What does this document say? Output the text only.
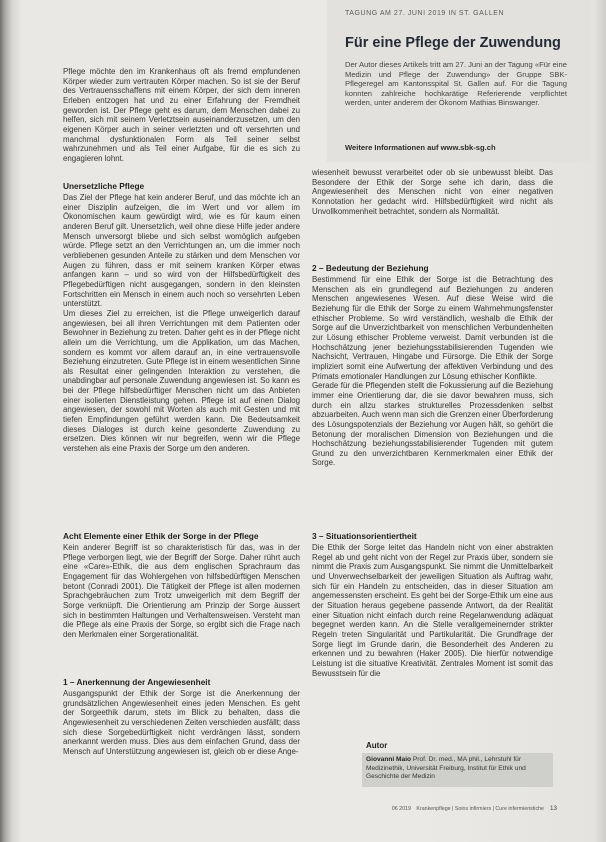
TAGUNG AM 27. JUNI 2019 IN ST. GALLEN
Für eine Pflege der Zuwendung

Der Autor dieses Artikels tritt am 27. Juni an der Tagung «Für eine Medizin und Pflege der Zuwendung» der Gruppe SBK-Pflegeregel am Kantonsspital St. Gallen auf. Für die Tagung konnten zahlreiche hochkarätige Referierende verpflichtet werden, unter anderem der Ökonom Mathias Binswanger.

Weitere Informationen auf www.sbk-sg.ch

Pflege möchte den im Krankenhaus oft als fremd empfundenen Körper wieder zum vertrauten Körper machen. So ist sie der Beruf des Vertrauensschaffens mit einem Körper, der sich dem inneren Erleben entzogen hat und zu einer Erfahrung der Fremdheit geworden ist. Der Pflege geht es darum, dem Menschen dabei zu helfen, sich mit seinem Verletztsein auseinanderzusetzen, um den eigenen Körper auch in seiner verletzten und oft versehrten und manchmal dysfunktionalen Form als Teil seiner selbst wahrzunehmen und als Teil einer Aufgabe, für die es sich zu engagieren lohnt.

Unersetzliche Pflege

Das Ziel der Pflege hat kein anderer Beruf, und das möchte ich an einer Disziplin aufzeigen, die im Wert und vor allem im Ökonomischen kaum gewürdigt wird, wie es für kaum einen anderen Beruf gilt. Unersetzlich, weil ohne diese Hilfe jeder andere Mensch unversorgt bliebe und sich selbst womöglich aufgeben würde. Pflege setzt an den Verrichtungen an, um die immer noch verbliebenen gesunden Anteile zu stärken und dem Menschen vor Augen zu führen, dass er mit seinem kranken Körper etwas anfangen kann – und so wird von der Hilfsbedürftigkeit des Pflegebedürftigen nicht ausgegangen, sondern in den kleinsten Fortschritten ein Mensch in einem auch noch so versehrten Leben unterstützt.

Um dieses Ziel zu erreichen, ist die Pflege unweigerlich darauf angewiesen, bei all ihren Verrichtungen mit dem Patienten oder Bewohner in Beziehung zu treten. Daher geht es in der Pflege nicht allein um die Verrichtung, um die Applikation, um das Machen, sondern es kommt vor allem darauf an, in eine vertrauensvolle Beziehung einzutreten. Gute Pflege ist in einem wesentlichen Sinne als Resultat einer gelingenden Interaktion zu verstehen, die unabdingbar auf personale Zuwendung angewiesen ist. So kann es bei der Pflege hilfsbedürftiger Menschen nicht um das Anbieten einer isolierten Dienstleistung gehen. Pflege ist auf einen Dialog angewiesen, der sowohl mit Worten als auch mit Gesten und mit tiefen Empfindungen geführt werden kann. Die Bedeutsamkeit dieses Dialoges ist durch keine gesonderte Zuwendung zu ersetzen. Dies können wir nur begreifen, wenn wir die Pflege verstehen als eine Praxis der Sorge um den anderen.

Acht Elemente einer Ethik der Sorge in der Pflege

Kein anderer Begriff ist so charakteristisch für das, was in der Pflege verborgen liegt, wie der Begriff der Sorge. Daher rührt auch eine «Care»-Ethik, die aus dem englischen Sprachraum das Engagement für das Wohlergehen von hilfsbedürftigen Menschen betont (Conradi 2001). Die Tätigkeit der Pflege ist allen modernen Sprachgebräuchen zum Trotz unweigerlich mit dem Begriff der Sorge verknüpft. Die Orientierung am Prinzip der Sorge äussert sich in bestimmten Haltungen und Verhaltensweisen. Versteht man die Pflege als eine Praxis der Sorge, so ergibt sich die Frage nach den Merkmalen einer Sorgerationalität.

1 – Anerkennung der Angewiesenheit

Ausgangspunkt der Ethik der Sorge ist die Anerkennung der grundsätzlichen Angewiesenheit eines jeden Menschen. Es geht der Sorgeethik darum, stets im Blick zu behalten, dass die Angewiesenheit zu verschiedenen Zeiten verschieden ausfällt; dass sich diese Sorgebedürftigkeit nicht verdrängen lässt, sondern anerkannt werden muss. Dies aus dem einfachen Grund, dass der Mensch auf Unterstützung angewiesen ist, gleich ob er diese Ange-

wiesenheit bewusst verarbeitet oder ob sie unbewusst bleibt. Das Besondere der Ethik der Sorge sehe ich darin, dass die Angewiesenheit des Menschen nicht von einer negativen Konnotation her gedacht wird. Hilfsbedürftigkeit wird nicht als Unvollkommenheit betrachtet, sondern als Normalität.

2 – Bedeutung der Beziehung

Bestimmend für eine Ethik der Sorge ist die Betrachtung des Menschen als ein grundlegend auf Beziehungen zu anderen Menschen angewiesenes Wesen. Auf diese Weise wird die Beziehung für die Ethik der Sorge zu einem Wahrnehmungsfenster ethischer Probleme. So wird verständlich, weshalb die Ethik der Sorge auf die Unverzichtbarkeit von menschlichen Verbundenheiten zur Lösung ethischer Probleme verweist. Damit verbunden ist die Hochschätzung jener beziehungsstabilisierenden Tugenden wie Nachsicht, Vertrauen, Hingabe und Fürsorge. Die Ethik der Sorge impliziert somit eine Aufwertung der affektiven Verbindung und des Primats emotionaler Handlungen zur Lösung ethischer Konflikte.

Gerade für die Pflegenden stellt die Fokussierung auf die Beziehung immer eine Orientierung dar, die sie davor bewahren muss, sich durch ein allzu starkes strukturelles Prozessdenken selbst abzuarbeiten. Auch wenn man sich die Grenzen einer Überforderung des Lösungspotenzials der Beziehung vor Augen hält, so gehört die Betonung der moralischen Dimension von Beziehungen und die Hochschätzung beziehungsstabilisierender Tugenden mit gutem Grund zu den unverzichtbaren Kernmerkmalen einer Ethik der Sorge.

3 – Situationsorientiertheit

Die Ethik der Sorge leitet das Handeln nicht von einer abstrakten Regel ab und geht nicht von der Regel zur Praxis über, sondern sie nimmt die Praxis zum Ausgangspunkt. Sie nimmt die Unmittelbarkeit und Unverwechselbarkeit der jeweiligen Situation als Auftrag wahr, sich für ein Handeln zu entscheiden, das in dieser Situation am angemessensten erscheint. Es geht bei der Sorge-Ethik um eine aus der Situation heraus gegebene passende Antwort, da der Realität einer Situation nicht einfach durch reine Regelanwendung adäquat begegnet werden kann. An die Stelle verallgemeinernder strikter Regeln treten Singularität und Partikularität. Die Grundfrage der Sorge liegt im Grunde darin, die Besonderheit des Anderen zu erkennen und zu bewahren (Haker 2005). Die hierfür notwendige Leistung ist die situative Kreativität. Zentrales Moment ist somit das Bewusstsein für die

Autor
Giovanni Maio Prof. Dr. med., MA phil., Lehrstuhl für Medizinethik, Universität Freiburg, Institut für Ethik und Geschichte der Medizin
06 2019 Krankenpflege | Soins infirmiers | Cure infermieristiche 13
